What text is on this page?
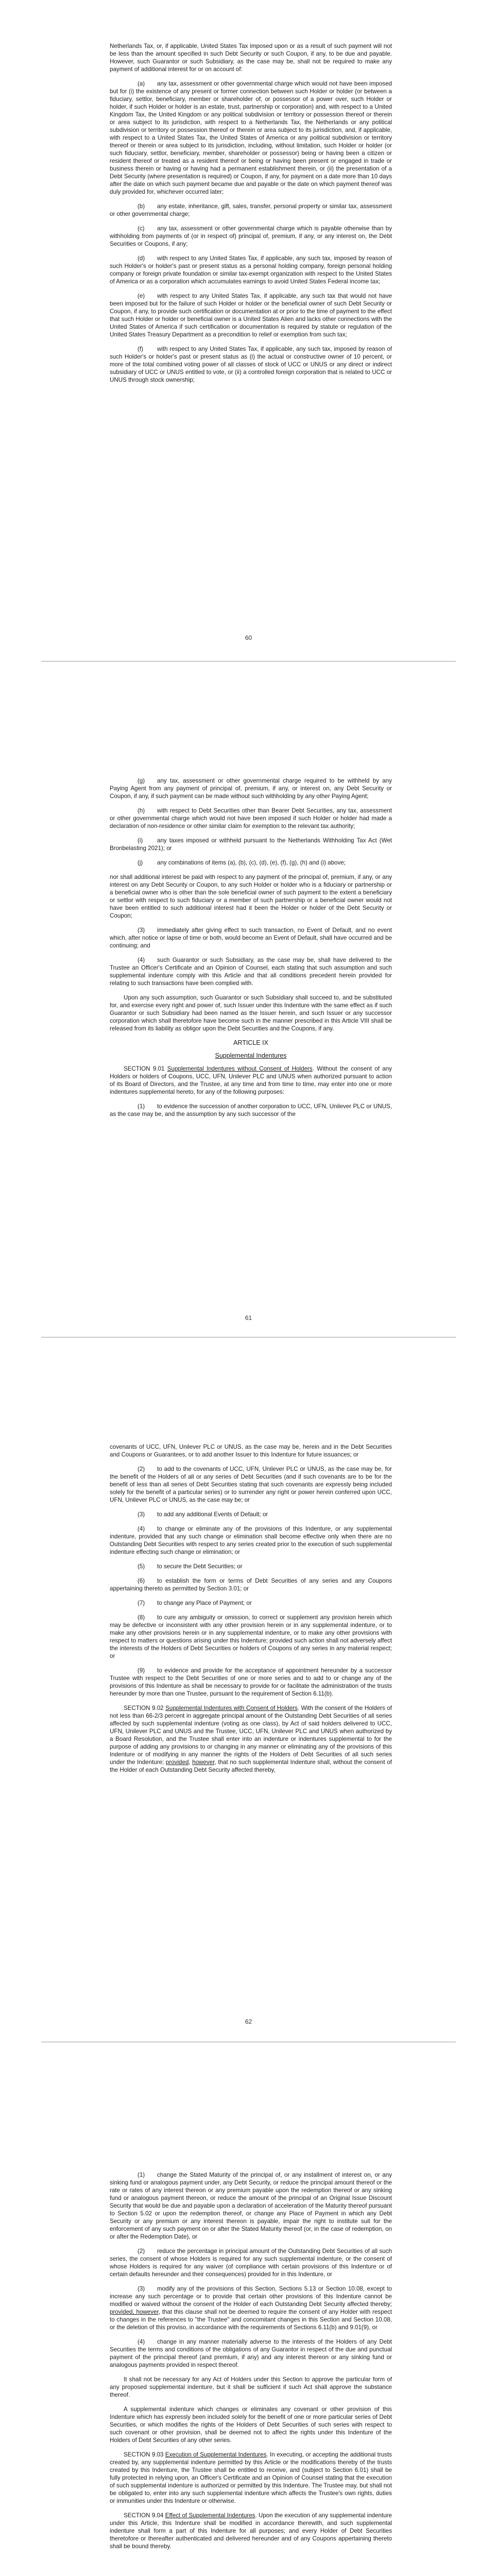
Netherlands Tax, or, if applicable, United States Tax imposed upon or as a result of such payment will not be less than the amount specified in such Debt Security or such Coupon, if any, to be due and payable. However, such Guarantor or such Subsidiary, as the case may be, shall not be required to make any payment of additional interest for or on account of:

(a) any tax, assessment or other governmental charge which would not have been imposed but for (i) the existence of any present or former connection between such Holder or holder (or between a fiduciary, settlor, beneficiary, member or shareholder of, or possessor of a power over, such Holder or holder, if such Holder or holder is an estate, trust, partnership or corporation) and, with respect to a United Kingdom Tax, the United Kingdom or any political subdivision or territory or possession thereof or therein or area subject to its jurisdiction, with respect to a Netherlands Tax, the Netherlands or any political subdivision or territory or possession thereof or therein or area subject to its jurisdiction, and, if applicable, with respect to a United States Tax, the United States of America or any political subdivision or territory thereof or therein or area subject to its jurisdiction, including, without limitation, such Holder or holder (or such fiduciary, settlor, beneficiary, member, shareholder or possessor) being or having been a citizen or resident thereof or treated as a resident thereof or being or having been present or engaged in trade or business therein or having or having had a permanent establishment therein, or (ii) the presentation of a Debt Security (where presentation is required) or Coupon, if any, for payment on a date more than 10 days after the date on which such payment became due and payable or the date on which payment thereof was duly provided for, whichever occurred later;

(b) any estate, inheritance, gift, sales, transfer, personal property or similar tax, assessment or other governmental charge;

(c) any tax, assessment or other governmental charge which is payable otherwise than by withholding from payments of (or in respect of) principal of, premium, if any, or any interest on, the Debt Securities or Coupons, if any;

(d) with respect to any United States Tax, if applicable, any such tax, imposed by reason of such Holder's or holder's past or present status as a personal holding company, foreign personal holding company or foreign private foundation or similar tax-exempt organization with respect to the United States of America or as a corporation which accumulates earnings to avoid United States Federal income tax;

(e) with respect to any United States Tax, if applicable, any such tax that would not have been imposed but for the failure of such Holder or holder or the beneficial owner of such Debt Security or Coupon, if any, to provide such certification or documentation at or prior to the time of payment to the effect that such Holder or holder or beneficial owner is a United States Alien and lacks other connections with the United States of America if such certification or documentation is required by statute or regulation of the United States Treasury Department as a precondition to relief or exemption from such tax;

(f) with respect to any United States Tax, if applicable, any such tax, imposed by reason of such Holder's or holder's past or present status as (i) the actual or constructive owner of 10 percent, or more of the total combined voting power of all classes of stock of UCC or UNUS or any direct or indirect subsidiary of UCC or UNUS entitled to vote, or (ii) a controlled foreign corporation that is related to UCC or UNUS through stock ownership;

60

(g) any tax, assessment or other governmental charge required to be withheld by any Paying Agent from any payment of principal of, premium, if any, or interest on, any Debt Security or Coupon, if any, if such payment can be made without such withholding by any other Paying Agent;

(h) with respect to Debt Securities other than Bearer Debt Securities, any tax, assessment or other governmental charge which would not have been imposed if such Holder or holder had made a declaration of non-residence or other similar claim for exemption to the relevant tax authority;

(i) any taxes imposed or withheld pursuant to the Netherlands Withholding Tax Act (Wet Bronbelasting 2021); or

(j) any combinations of items (a), (b), (c), (d), (e), (f), (g), (h) and (i) above;

nor shall additional interest be paid with respect to any payment of the principal of, premium, if any, or any interest on any Debt Security or Coupon, to any such Holder or holder who is a fiduciary or partnership or a beneficial owner who is other than the sole beneficial owner of such payment to the extent a beneficiary or settlor with respect to such fiduciary or a member of such partnership or a beneficial owner would not have been entitled to such additional interest had it been the Holder or holder of the Debt Security or Coupon;

(3) immediately after giving effect to such transaction, no Event of Default, and no event which, after notice or lapse of time or both, would become an Event of Default, shall have occurred and be continuing; and

(4) such Guarantor or such Subsidiary, as the case may be, shall have delivered to the Trustee an Officer's Certificate and an Opinion of Counsel, each stating that such assumption and such supplemental indenture comply with this Article and that all conditions precedent herein provided for relating to such transactions have been complied with.

Upon any such assumption, such Guarantor or such Subsidiary shall succeed to, and be substituted for, and exercise every right and power of, such Issuer under this Indenture with the same effect as if such Guarantor or such Subsidiary had been named as the Issuer herein, and such Issuer or any successor corporation which shall theretofore have become such in the manner prescribed in this Article VIII shall be released from its liability as obligor upon the Debt Securities and the Coupons, if any.

ARTICLE IX

Supplemental Indentures

SECTION 9.01 Supplemental Indentures without Consent of Holders. Without the consent of any Holders or holders of Coupons, UCC, UFN, Unilever PLC and UNUS when authorized pursuant to action of its Board of Directors, and the Trustee, at any time and from time to time, may enter into one or more indentures supplemental hereto, for any of the following purposes:

(1) to evidence the succession of another corporation to UCC, UFN, Unilever PLC or UNUS, as the case may be, and the assumption by any such successor of the

61

covenants of UCC, UFN, Unilever PLC or UNUS, as the case may be, herein and in the Debt Securities and Coupons or Guarantees, or to add another Issuer to this Indenture for future issuances; or

(2) to add to the covenants of UCC, UFN, Unilever PLC or UNUS, as the case may be, for the benefit of the Holders of all or any series of Debt Securities (and if such covenants are to be for the benefit of less than all series of Debt Securities stating that such covenants are expressly being included solely for the benefit of a particular series) or to surrender any right or power herein conferred upon UCC, UFN, Unilever PLC or UNUS, as the case may be; or

(3) to add any additional Events of Default; or

(4) to change or eliminate any of the provisions of this Indenture, or any supplemental indenture, provided that any such change or elimination shall become effective only when there are no Outstanding Debt Securities with respect to any series created prior to the execution of such supplemental indenture effecting such change or elimination; or

(5) to secure the Debt Securities; or

(6) to establish the form or terms of Debt Securities of any series and any Coupons appertaining thereto as permitted by Section 3.01; or

(7) to change any Place of Payment; or

(8) to cure any ambiguity or omission, to correct or supplement any provision herein which may be defective or inconsistent with any other provision herein or in any supplemental indenture, or to make any other provisions herein or in any supplemental indenture, or to make any other provisions with respect to matters or questions arising under this Indenture; provided such action shall not adversely affect the interests of the Holders of Debt Securities or holders of Coupons of any series in any material respect; or

(9) to evidence and provide for the acceptance of appointment hereunder by a successor Trustee with respect to the Debt Securities of one or more series and to add to or change any of the provisions of this Indenture as shall be necessary to provide for or facilitate the administration of the trusts hereunder by more than one Trustee, pursuant to the requirement of Section 6.11(b).

SECTION 9.02 Supplemental Indentures with Consent of Holders. With the consent of the Holders of not less than 66-2/3 percent in aggregate principal amount of the Outstanding Debt Securities of all series affected by such supplemental indenture (voting as one class), by Act of said holders delivered to UCC, UFN, Unilever PLC and UNUS and the Trustee, UCC, UFN, Unilever PLC and UNUS when authorized by a Board Resolution, and the Trustee shall enter into an indenture or indentures supplemental to for the purpose of adding any provisions to or changing in any manner or eliminating any of the provisions of this Indenture or of modifying in any manner the rights of the Holders of Debt Securities of all such series under the Indenture; provided, however, that no such supplemental Indenture shall, without the consent of the Holder of each Outstanding Debt Security affected thereby,

62

(1) change the Stated Maturity of the principal of, or any installment of interest on, or any sinking fund or analogous payment under, any Debt Security, or reduce the principal amount thereof or the rate or rates of any interest thereon or any premium payable upon the redemption thereof or any sinking fund or analogous payment thereon, or reduce the amount of the principal of an Original Issue Discount Security that would be due and payable upon a declaration of acceleration of the Maturity thereof pursuant to Section 5.02 or upon the redemption thereof, or change any Place of Payment in which any Debt Security or any premium or any interest thereon is payable, impair the right to institute suit for the enforcement of any such payment on or after the Stated Maturity thereof (or, in the case of redemption, on or after the Redemption Date), or

(2) reduce the percentage in principal amount of the Outstanding Debt Securities of all such series, the consent of whose Holders is required for any such supplemental indenture, or the consent of whose Holders is required for any waiver (of compliance with certain provisions of this Indenture or of certain defaults hereunder and their consequences) provided for in this Indenture, or

(3) modify any of the provisions of this Section, Sections 5.13 or Section 10.08, except to increase any such percentage or to provide that certain other provisions of this Indenture cannot be modified or waived without the consent of the Holder of each Outstanding Debt Security affected thereby; provided, however, that this clause shall not be deemed to require the consent of any Holder with respect to changes in the references to "the Trustee" and concomitant changes in this Section and Section 10.08, or the deletion of this proviso, in accordance with the requirements of Sections 6.11(b) and 9.01(9), or

(4) change in any manner materially adverse to the interests of the Holders of any Debt Securities the terms and conditions of the obligations of any Guarantor in respect of the due and punctual payment of the principal thereof (and premium, if any) and any interest thereon or any sinking fund or analogous payments provided in respect thereof.

It shall not be necessary for any Act of Holders under this Section to approve the particular form of any proposed supplemental indenture, but it shall be sufficient if such Act shall approve the substance thereof.

A supplemental indenture which changes or eliminates any covenant or other provision of this Indenture which has expressly been included solely for the benefit of one or more particular series of Debt Securities, or which modifies the rights of the Holders of Debt Securities of such series with respect to such covenant or other provision, shall be deemed not to affect the rights under this Indenture of the Holders of Debt Securities of any other series.

SECTION 9.03 Execution of Supplemental Indentures. In executing, or accepting the additional trusts created by, any supplemental indenture permitted by this Article or the modifications thereby of the trusts created by this Indenture, the Trustee shall be entitled to receive, and (subject to Section 6.01) shall be fully protected in relying upon, an Officer's Certificate and an Opinion of Counsel stating that the execution of such supplemental indenture is authorized or permitted by this Indenture. The Trustee may, but shall not be obligated to, enter into any such supplemental indenture which affects the Trustee's own rights, duties or immunities under this Indenture or otherwise.

SECTION 9.04 Effect of Supplemental Indentures. Upon the execution of any supplemental indenture under this Article, this Indenture shall be modified in accordance therewith, and such supplemental indenture shall form a part of this Indenture for all purposes; and every Holder of Debt Securities theretofore or thereafter authenticated and delivered hereunder and of any Coupons appertaining thereto shall be bound thereby.
